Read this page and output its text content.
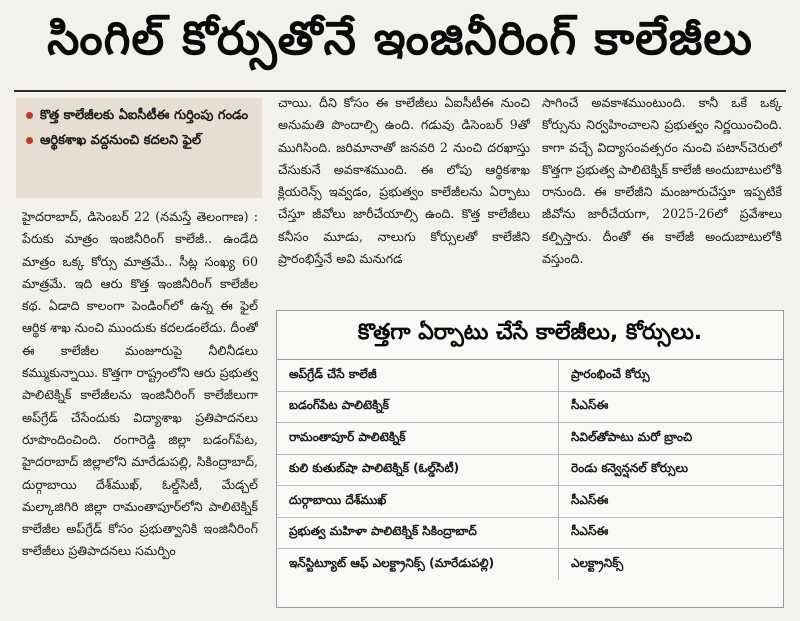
సింగిల్ కోర్సుతోనే ఇంజినీరింగ్ కాలేజీలు
కొత్త కాలేజీలకు ఏఐసీటీఈ గుర్తింపు గండం
ఆర్థికశాఖ వద్దనుంచి కదలని ఫైల్

హైదరాబాద్, డిసెంబర్ 22 (నమస్తే తెలంగాణ) : పేరుకు మాత్రం ఇంజినీరింగ్ కాలేజీ.. ఉండేది మాత్రం ఒక్క కోర్సు మాత్రమే.. సీట్ల సంఖ్య 60 మాత్రమే. ఇది ఆరు కొత్త ఇంజినీరింగ్ కాలేజీల కథ. ఏడాది కాలంగా పెండింగ్‌లో ఉన్న ఈ ఫైల్ ఆర్థిక శాఖ నుంచి ముందుకు కదలడంలేదు. దీంతో ఈ కాలేజీల మంజూరుపై నీలినీడలు కమ్ముకున్నాయి. కొత్తగా రాష్ట్రంలోని ఆరు ప్రభుత్వ పాలిటెక్నిక్ కాలేజీలను ఇంజినీరింగ్ కాలేజీలుగా అప్‌గ్రేడ్ చేసేందుకు విద్యాశాఖ ప్రతిపాదనలు రూపొందించింది. రంగారెడ్డి జిల్లా బడంగ్‌పేట, హైదరాబాద్ జిల్లాలోని మారేడుపల్లి, సికింద్రాబాద్, దుర్గాబాయి దేశ్‌ముఖ్, ఓల్డ్‌సిటీ, మేడ్చల్ మల్కాజిగిరి జిల్లా రామంతాపూర్‌లోని పాలిటెక్నిక్ కాలేజీల అప్‌గ్రేడ్ కోసం ప్రభుత్వానికి ఇంజినీరింగ్ కాలేజీలు ప్రతిపాదనలు సమర్పిం

చాయి. దీని కోసం ఈ కాలేజీలు ఏఐసీటీఈ నుంచి అనుమతి పొందాల్సి ఉంది. గడువు డిసెంబర్ 9తో ముగిసింది. జరిమానాతో జనవరి 2 నుంచి దరఖాస్తు చేసుకునే అవకాశముంది. ఈ లోపు ఆర్థికశాఖ క్లియరెన్స్ ఇవ్వడం, ప్రభుత్వం కాలేజీలను ఏర్పాటు చేస్తూ జీవోలు జారీచేయాల్సి ఉంది. కొత్త కాలేజీలు కనీసం మూడు, నాలుగు కోర్సులతో కాలేజీని ప్రారంభిస్తేనే అవి మనుగడ

సాగించే అవకాశముంటుంది. కానీ ఒకే ఒక్క కోర్సును నిర్వహించాలని ప్రభుత్వం నిర్ణయించింది. కాగా వచ్చే విద్యాసంవత్సరం నుంచి పటాన్‌చెరులో కొత్తగా ప్రభుత్వ పాలిటెక్నిక్ కాలేజీ అందుబాటులోకి రానుంది. ఈ కాలేజీని మంజూరుచేస్తూ ఇప్పటికే జీవోను జారీచేయగా, 2025-26లో ప్రవేశాలు కల్పిస్తారు. దీంతో ఈ కాలేజీ అందుబాటులోకి వస్తుంది.

కొత్తగా ఏర్పాటు చేసే కాలేజీలు, కోర్సులు.
అప్‌గ్రేడ్ చేసే కాలేజీ	ప్రారంభించే కోర్సు
బడంగ్‌పేట పాలిటెక్నిక్	సీఎస్ఈ
రామంతాపూర్ పాలిటెక్నిక్	సివిల్‌తోపాటు మరో బ్రాంచి
కులి కుతుబ్‌షా పాలిటెక్నిక్ (ఓల్డ్‌సిటీ)	రెండు కన్వెన్షనల్ కోర్సులు
దుర్గాబాయి దేశ్‌ముఖ్	సీఎస్ఈ
ప్రభుత్వ మహిళా పాలిటెక్నిక్ సికింద్రాబాద్	సీఎస్ఈ
ఇన్‌స్టిట్యూట్ ఆఫ్ ఎలక్ట్రానిక్స్ (మారేడుపల్లి)	ఎలక్ట్రానిక్స్
